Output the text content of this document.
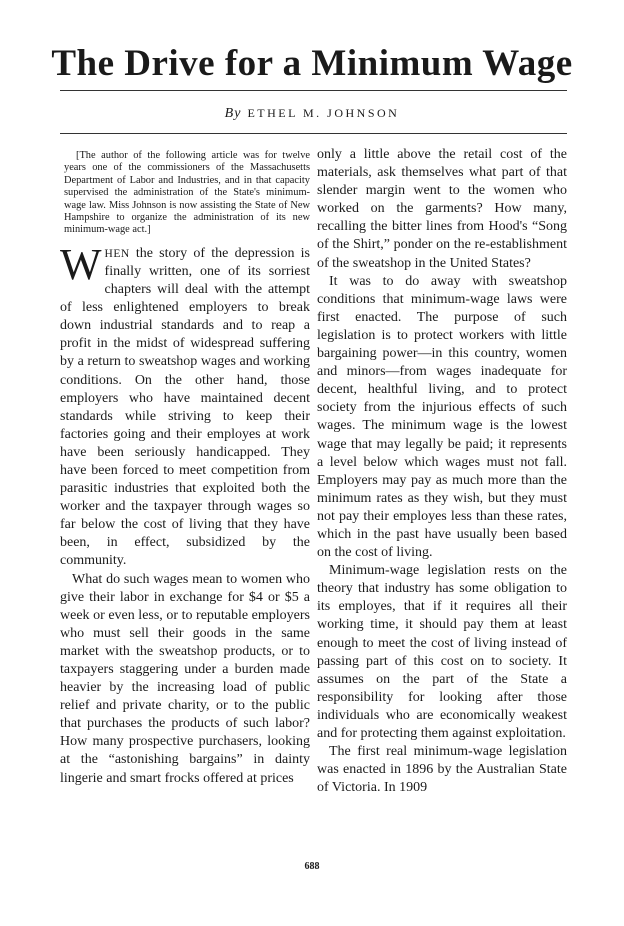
The Drive for a Minimum Wage
By ETHEL M. JOHNSON

[The author of the following article was for twelve years one of the commissioners of the Massachusetts Department of Labor and Industries, and in that capacity supervised the administration of the State's minimum-wage law. Miss Johnson is now assisting the State of New Hampshire to organize the administration of its new minimum-wage act.]

WHEN the story of the depression is finally written, one of its sorriest chapters will deal with the attempt of less enlightened employers to break down industrial standards and to reap a profit in the midst of widespread suffering by a return to sweatshop wages and working conditions. On the other hand, those employers who have maintained decent standards while striving to keep their factories going and their employes at work have been seriously handicapped. They have been forced to meet competition from parasitic industries that exploited both the worker and the taxpayer through wages so far below the cost of living that they have been, in effect, subsidized by the community.

What do such wages mean to women who give their labor in exchange for $4 or $5 a week or even less, or to reputable employers who must sell their goods in the same market with the sweatshop products, or to taxpayers staggering under a burden made heavier by the increasing load of public relief and private charity, or to the public that purchases the products of such labor? How many prospective purchasers, looking at the “astonishing bargains” in dainty lingerie and smart frocks offered at prices

only a little above the retail cost of the materials, ask themselves what part of that slender margin went to the women who worked on the garments? How many, recalling the bitter lines from Hood's “Song of the Shirt,” ponder on the re-establishment of the sweatshop in the United States?

It was to do away with sweatshop conditions that minimum-wage laws were first enacted. The purpose of such legislation is to protect workers with little bargaining power—in this country, women and minors—from wages inadequate for decent, healthful living, and to protect society from the injurious effects of such wages. The minimum wage is the lowest wage that may legally be paid; it represents a level below which wages must not fall. Employers may pay as much more than the minimum rates as they wish, but they must not pay their employes less than these rates, which in the past have usually been based on the cost of living.

Minimum-wage legislation rests on the theory that industry has some obligation to its employes, that if it requires all their working time, it should pay them at least enough to meet the cost of living instead of passing part of this cost on to society. It assumes on the part of the State a responsibility for looking after those individuals who are economically weakest and for protecting them against exploitation.

The first real minimum-wage legislation was enacted in 1896 by the Australian State of Victoria. In 1909

688
